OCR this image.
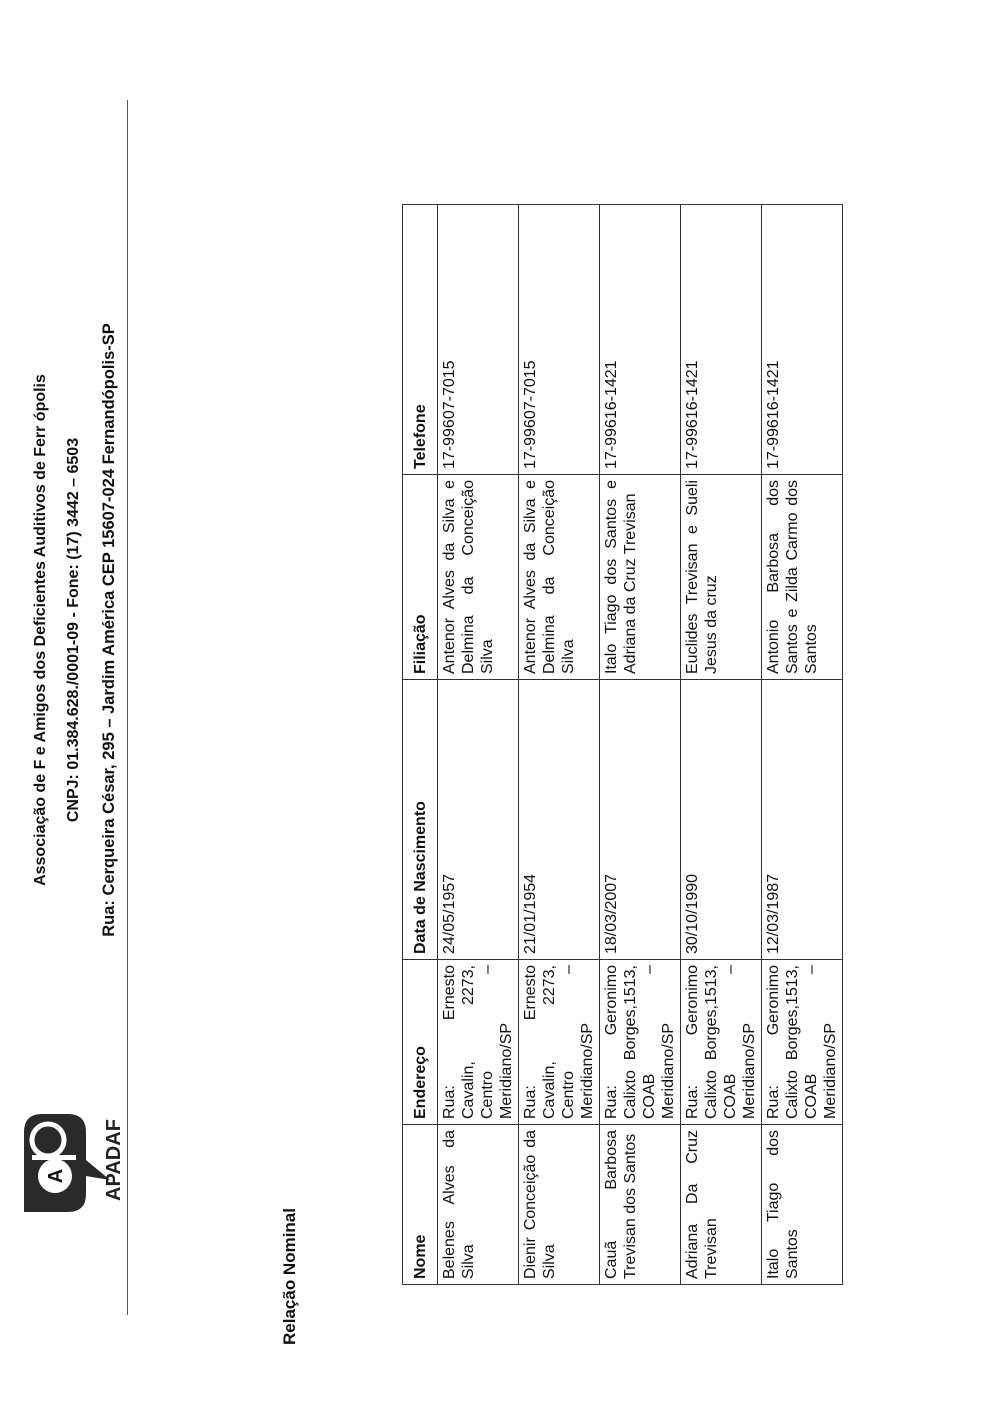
A APADAF
Associação de F e Amigos dos Deficientes Auditivos de Ferr ópolis CNPJ: 01.384.628./0001-09 - Fone: (17) 3442 – 6503 Rua: Cerqueira César, 295 – Jardim América CEP 15607-024 Fernandópolis-SP
Relação Nominal	Nome	Endereço	Data de Nascimento	Filiação	Telefone
Belenes Alves da Silva	Rua: Ernesto Cavalin, 2273, Centro – Meridiano/SP	24/05/1957	Antenor Alves da Silva e Delmina da Conceição Silva	17-99607-7015
Dienir Conceição da Silva	Rua: Ernesto Cavalin, 2273, Centro – Meridiano/SP	21/01/1954	Antenor Alves da Silva e Delmina da Conceição Silva	17-99607-7015
Cauã Barbosa Trevisan dos Santos	Rua: Geronimo Calixto Borges,1513, COAB – Meridiano/SP	18/03/2007	Italo Tiago dos Santos e Adriana da Cruz Trevisan	17-99616-1421
Adriana Da Cruz Trevisan	Rua: Geronimo Calixto Borges,1513, COAB – Meridiano/SP	30/10/1990	Euclides Trevisan e Sueli Jesus da cruz	17-99616-1421
Italo Tiago dos Santos	Rua: Geronimo Calixto Borges,1513, COAB – Meridiano/SP	12/03/1987	Antonio Barbosa dos Santos e Zilda Carmo dos Santos	17-99616-1421
